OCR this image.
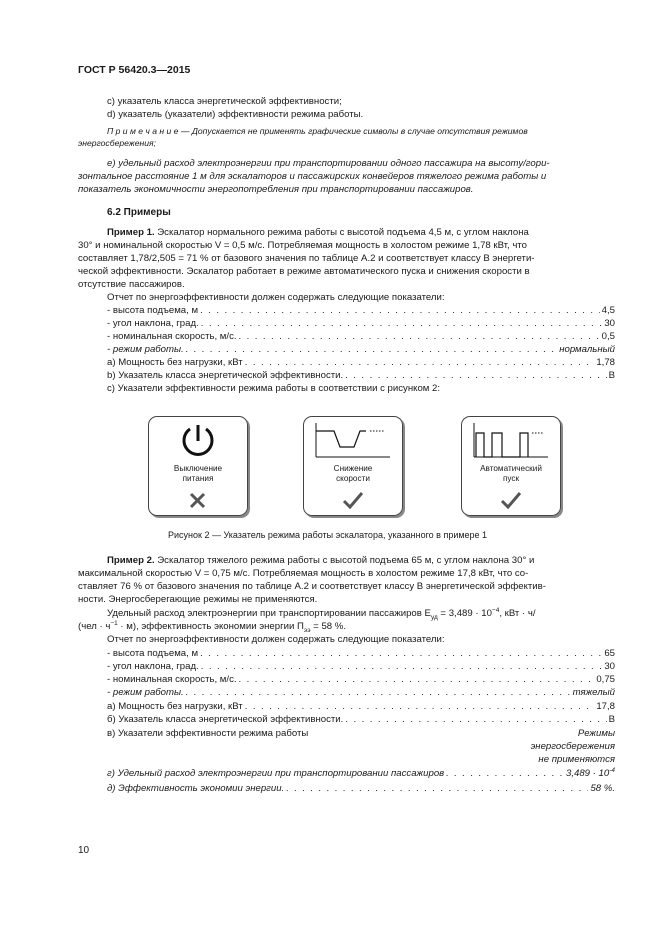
ГОСТ Р 56420.3—2015
c) указатель класса энергетической эффективности;
d) указатель (указатели) эффективности режима работы.
П р и м е ч а н и е — Допускается не применять графические символы в случае отсутствия режимов
энергосбережения;
е) удельный расход электроэнергии при транспортировании одного пассажира на высоту/гори-
зонтальное расстояние 1 м для эскалаторов и пассажирских конвейеров тяжелого режима работы и
показатель экономичности энергопотребления при транспортировании пассажиров.
6.2 Примеры
Пример 1. Эскалатор нормального режима работы с высотой подъема 4,5 м, с углом наклона
30° и номинальной скоростью V = 0,5 м/с. Потребляемая мощность в холостом режиме 1,78 кВт, что
составляет 1,78/2,505 = 71 % от базового значения по таблице А.2 и соответствует классу В энергети-
ческой эффективности. Эскалатор работает в режиме автоматического пуска и снижения скорости в
отсутствие пассажиров.
Отчет по энергоэффективности должен содержать следующие показатели:
- высота подъема, м . . .	4,5
- угол наклона, град. . . .	30
- номинальная скорость, м/с. . . .	0,5
- режим работы. . . .	нормальный
а) Мощность без нагрузки, кВт . . .	1,78
b) Указатель класса энергетической эффективности. . . .	В
с) Указатели эффективности режима работы в соответствии с рисунком 2:
Выключение
питания
Снижение
скорости
Автоматический
пуск
Рисунок 2 — Указатель режима работы эскалатора, указанного в примере 1
Пример 2. Эскалатор тяжелого режима работы с высотой подъема 65 м, с углом наклона 30° и
максимальной скоростью V = 0,75 м/с. Потребляемая мощность в холостом режиме 17,8 кВт, что со-
ставляет 76 % от базового значения по таблице А.2 и соответствует классу В энергетической эффектив-
ности. Энергосберегающие режимы не применяются.
Удельный расход электроэнергии при транспортировании пассажиров $E_{уд} = 3,489 \cdot 10^{-4}$, кВт · ч/
$(чел \cdot ч^{-1} \cdot м)$, эффективность экономии энергии $П_{ээ} = 58$ %.
Отчет по энергоэффективности должен содержать следующие показатели:
- высота подъема, м . . .	65
- угол наклона, град. . . .	30
- номинальная скорость, м/с. . . .	0,75
- режим работы. . . .	тяжелый
а) Мощность без нагрузки, кВт . . .	17,8
б) Указатель класса энергетической эффективности. . . .	В
в) Указатели эффективности режима работы	Режимы
энергосбережения
не применяются
г) Удельный расход электроэнергии при транспортировании пассажиров . . .	$3,489 \cdot 10^{-4}$
д) Эффективность экономии энергии. . . .	58 %.
10
